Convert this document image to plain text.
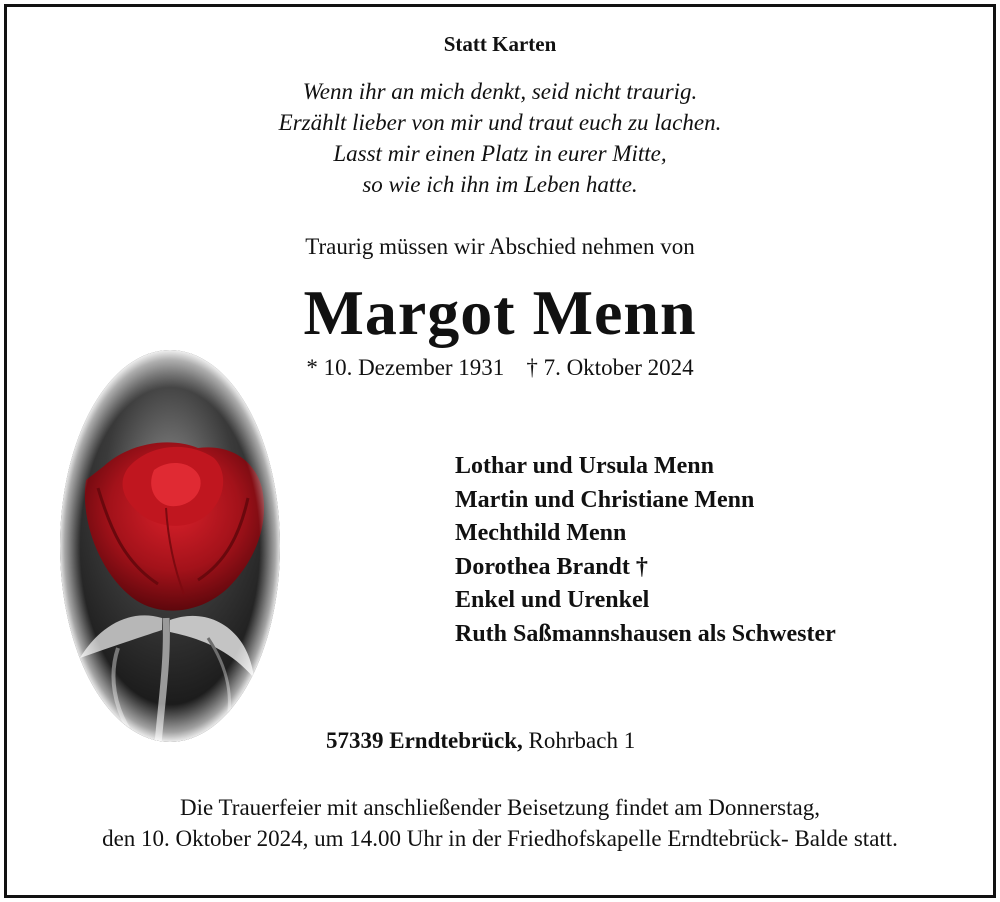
Statt Karten
Wenn ihr an mich denkt, seid nicht traurig.
Erzählt lieber von mir und traut euch zu lachen.
Lasst mir einen Platz in eurer Mitte,
so wie ich ihn im Leben hatte.
Traurig müssen wir Abschied nehmen von
Margot Menn
* 10. Dezember 1931 † 7. Oktober 2024
Lothar und Ursula Menn
Martin und Christiane Menn
Mechthild Menn
Dorothea Brandt †
Enkel und Urenkel
Ruth Saßmannshausen als Schwester
57339 Erndtebrück, Rohrbach 1
Die Trauerfeier mit anschließender Beisetzung findet am Donnerstag,
den 10. Oktober 2024, um 14.00 Uhr in der Friedhofskapelle Erndtebrück- Balde statt.
